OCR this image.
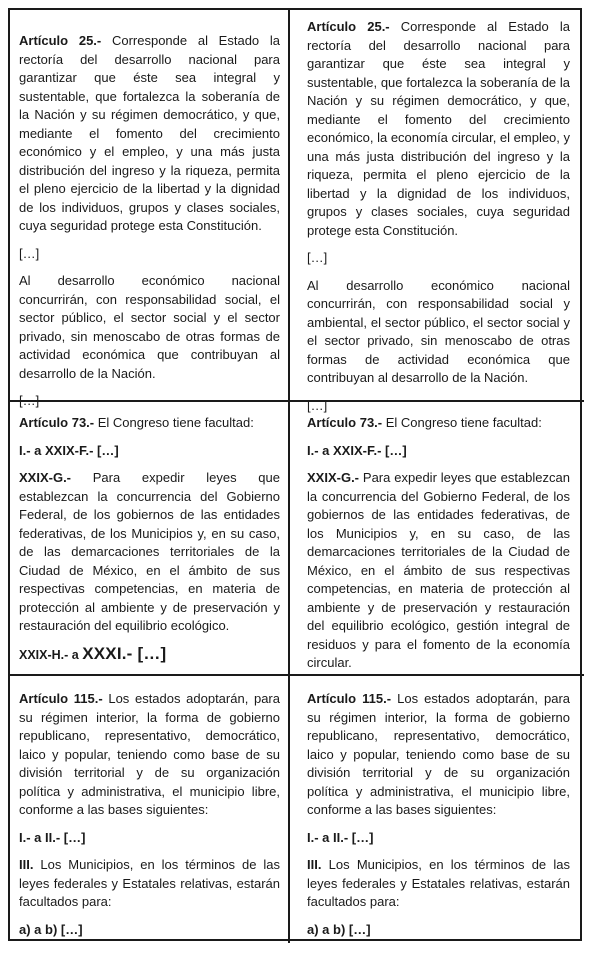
Artículo 25.- Corresponde al Estado la rectoría del desarrollo nacional para garantizar que éste sea integral y sustentable, que fortalezca la soberanía de la Nación y su régimen democrático, y que, mediante el fomento del crecimiento económico y el empleo, y una más justa distribución del ingreso y la riqueza, permita el pleno ejercicio de la libertad y la dignidad de los individuos, grupos y clases sociales, cuya seguridad protege esta Constitución.

[…]

Al desarrollo económico nacional concurrirán, con responsabilidad social, el sector público, el sector social y el sector privado, sin menoscabo de otras formas de actividad económica que contribuyan al desarrollo de la Nación.

[…]

Artículo 25.- Corresponde al Estado la rectoría del desarrollo nacional para garantizar que éste sea integral y sustentable, que fortalezca la soberanía de la Nación y su régimen democrático, y que, mediante el fomento del crecimiento económico, la economía circular, el empleo, y una más justa distribución del ingreso y la riqueza, permita el pleno ejercicio de la libertad y la dignidad de los individuos, grupos y clases sociales, cuya seguridad protege esta Constitución.

[…]

Al desarrollo económico nacional concurrirán, con responsabilidad social y ambiental, el sector público, el sector social y el sector privado, sin menoscabo de otras formas de actividad económica que contribuyan al desarrollo de la Nación.

[…]

Artículo 73.- El Congreso tiene facultad:

I.- a XXIX-F.- […]

XXIX-G.- Para expedir leyes que establezcan la concurrencia del Gobierno Federal, de los gobiernos de las entidades federativas, de los Municipios y, en su caso, de las demarcaciones territoriales de la Ciudad de México, en el ámbito de sus respectivas competencias, en materia de protección al ambiente y de preservación y restauración del equilibrio ecológico.

XXIX-H.- a XXXI.- […]

Artículo 73.- El Congreso tiene facultad:

I.- a XXIX-F.- […]

XXIX-G.- Para expedir leyes que establezcan la concurrencia del Gobierno Federal, de los gobiernos de las entidades federativas, de los Municipios y, en su caso, de las demarcaciones territoriales de la Ciudad de México, en el ámbito de sus respectivas competencias, en materia de protección al ambiente y de preservación y restauración del equilibrio ecológico, gestión integral de residuos y para el fomento de la economía circular.

Artículo 115.- Los estados adoptarán, para su régimen interior, la forma de gobierno republicano, representativo, democrático, laico y popular, teniendo como base de su división territorial y de su organización política y administrativa, el municipio libre, conforme a las bases siguientes:

I.- a II.- […]

III. Los Municipios, en los términos de las leyes federales y Estatales relativas, estarán facultados para:

a) a b) […]

Artículo 115.- Los estados adoptarán, para su régimen interior, la forma de gobierno republicano, representativo, democrático, laico y popular, teniendo como base de su división territorial y de su organización política y administrativa, el municipio libre, conforme a las bases siguientes:

I.- a II.- […]

III. Los Municipios, en los términos de las leyes federales y Estatales relativas, estarán facultados para:

a) a b) […]
